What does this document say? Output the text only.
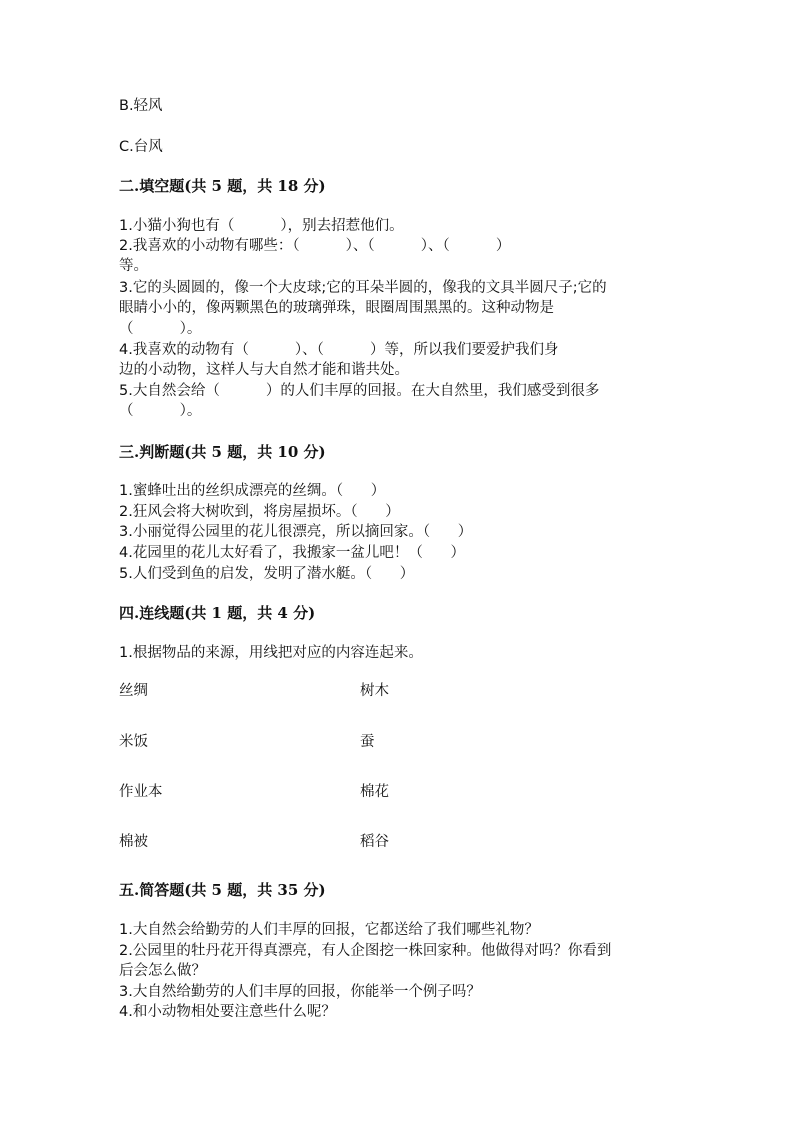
B.轻风

C.台风

二.填空题(共 5 题，共 18 分)

1.小猫小狗也有（          ），别去招惹他们。

2.我喜欢的小动物有哪些：（          ）、（          ）、（          ）

等。

3.它的头圆圆的，像一个大皮球;它的耳朵半圆的，像我的文具半圆尺子;它的

眼睛小小的，像两颗黑色的玻璃弹珠，眼圈周围黑黑的。这种动物是

（          ）。

4.我喜欢的动物有（          ）、（          ）等，所以我们要爱护我们身

边的小动物，这样人与大自然才能和谐共处。

5.大自然会给（          ）的人们丰厚的回报。在大自然里，我们感受到很多

（          ）。

三.判断题(共 5 题，共 10 分)

1.蜜蜂吐出的丝织成漂亮的丝绸。（      ）

2.狂风会将大树吹到，将房屋损坏。（      ）

3.小丽觉得公园里的花儿很漂亮，所以摘回家。（      ）

4.花园里的花儿太好看了，我搬家一盆儿吧！（      ）

5.人们受到鱼的启发，发明了潜水艇。（      ）

四.连线题(共 1 题，共 4 分)

1.根据物品的来源，用线把对应的内容连起来。

丝绸
米饭
作业本
棉被
树木
蚕
棉花
稻谷

五.简答题(共 5 题，共 35 分)

1.大自然会给勤劳的人们丰厚的回报，它都送给了我们哪些礼物？

2.公园里的牡丹花开得真漂亮，有人企图挖一株回家种。他做得对吗？你看到

后会怎么做？

3.大自然给勤劳的人们丰厚的回报，你能举一个例子吗？

4.和小动物相处要注意些什么呢？
